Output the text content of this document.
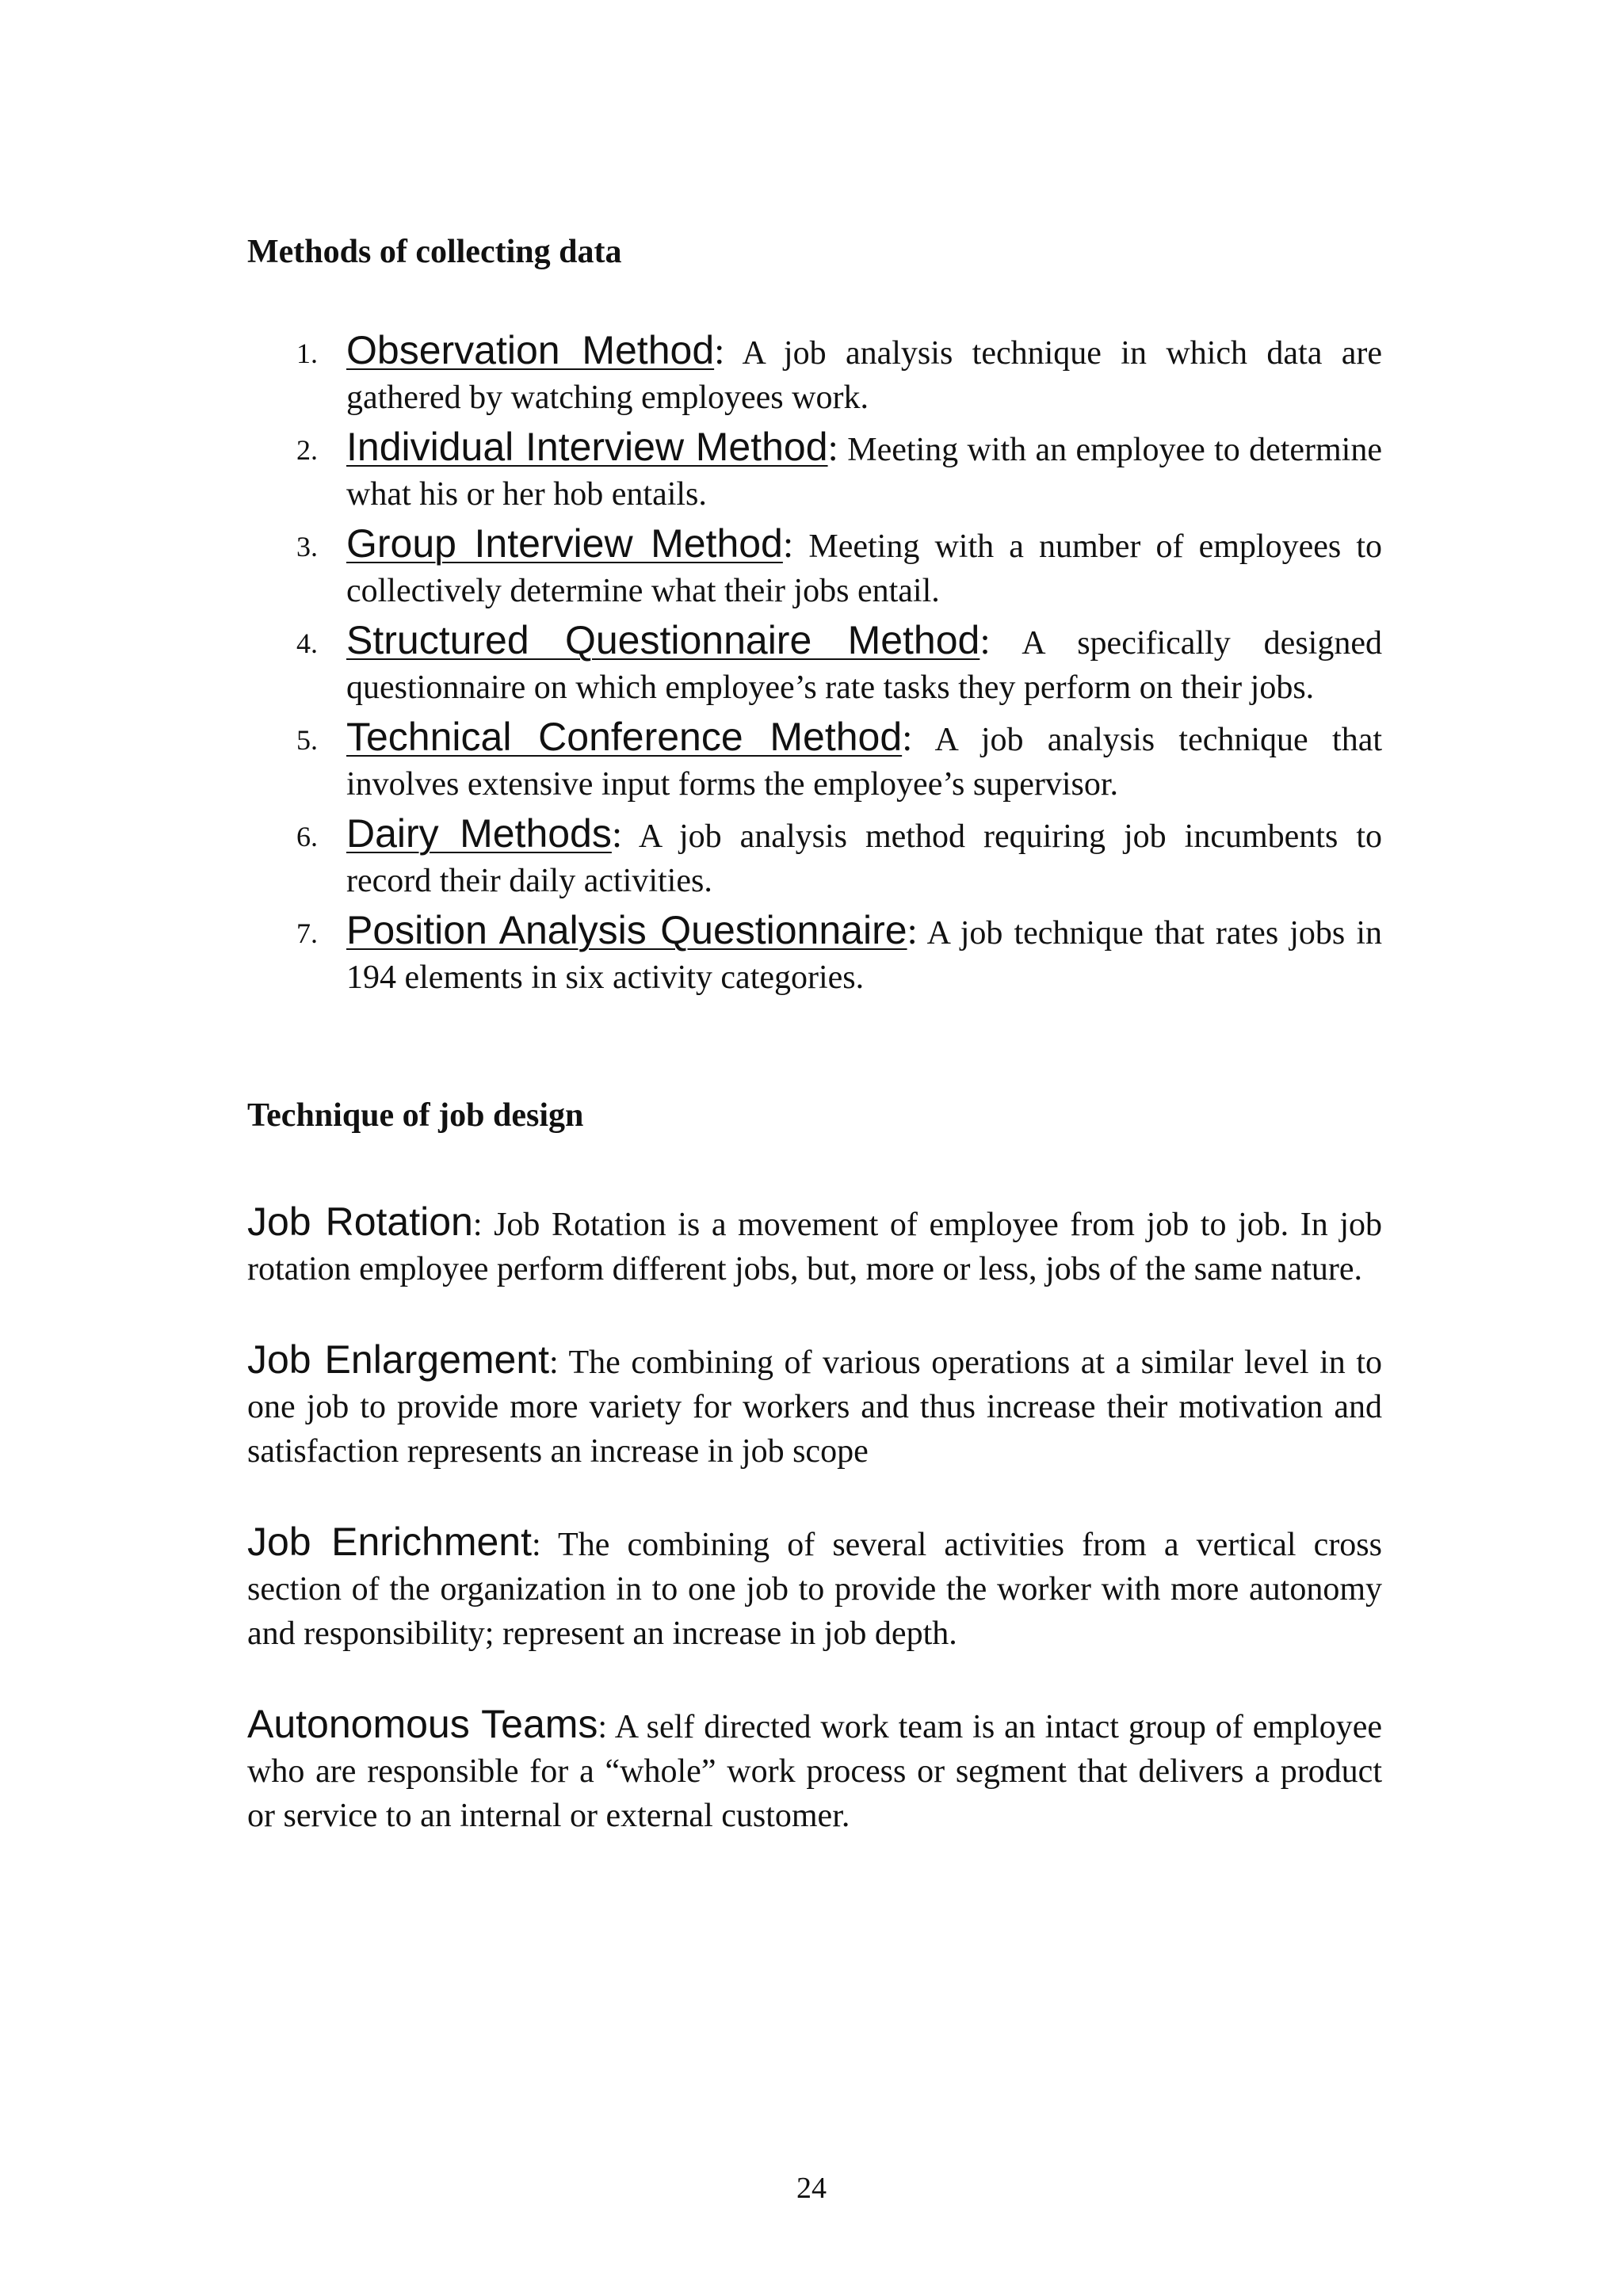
Methods of collecting data
1. Observation Method: A job analysis technique in which data are gathered by watching employees work.
2. Individual Interview Method: Meeting with an employee to determine what his or her hob entails.
3. Group Interview Method: Meeting with a number of employees to collectively determine what their jobs entail.
4. Structured Questionnaire Method: A specifically designed questionnaire on which employee’s rate tasks they perform on their jobs.
5. Technical Conference Method: A job analysis technique that involves extensive input forms the employee’s supervisor.
6. Dairy Methods: A job analysis method requiring job incumbents to record their daily activities.
7. Position Analysis Questionnaire: A job technique that rates jobs in 194 elements in six activity categories.
Technique of job design

Job Rotation: Job Rotation is a movement of employee from job to job. In job rotation employee perform different jobs, but, more or less, jobs of the same nature.

Job Enlargement: The combining of various operations at a similar level in to one job to provide more variety for workers and thus increase their motivation and satisfaction represents an increase in job scope

Job Enrichment: The combining of several activities from a vertical cross section of the organization in to one job to provide the worker with more autonomy and responsibility; represent an increase in job depth.

Autonomous Teams: A self directed work team is an intact group of employee who are responsible for a “whole” work process or segment that delivers a product or service to an internal or external customer.

24
